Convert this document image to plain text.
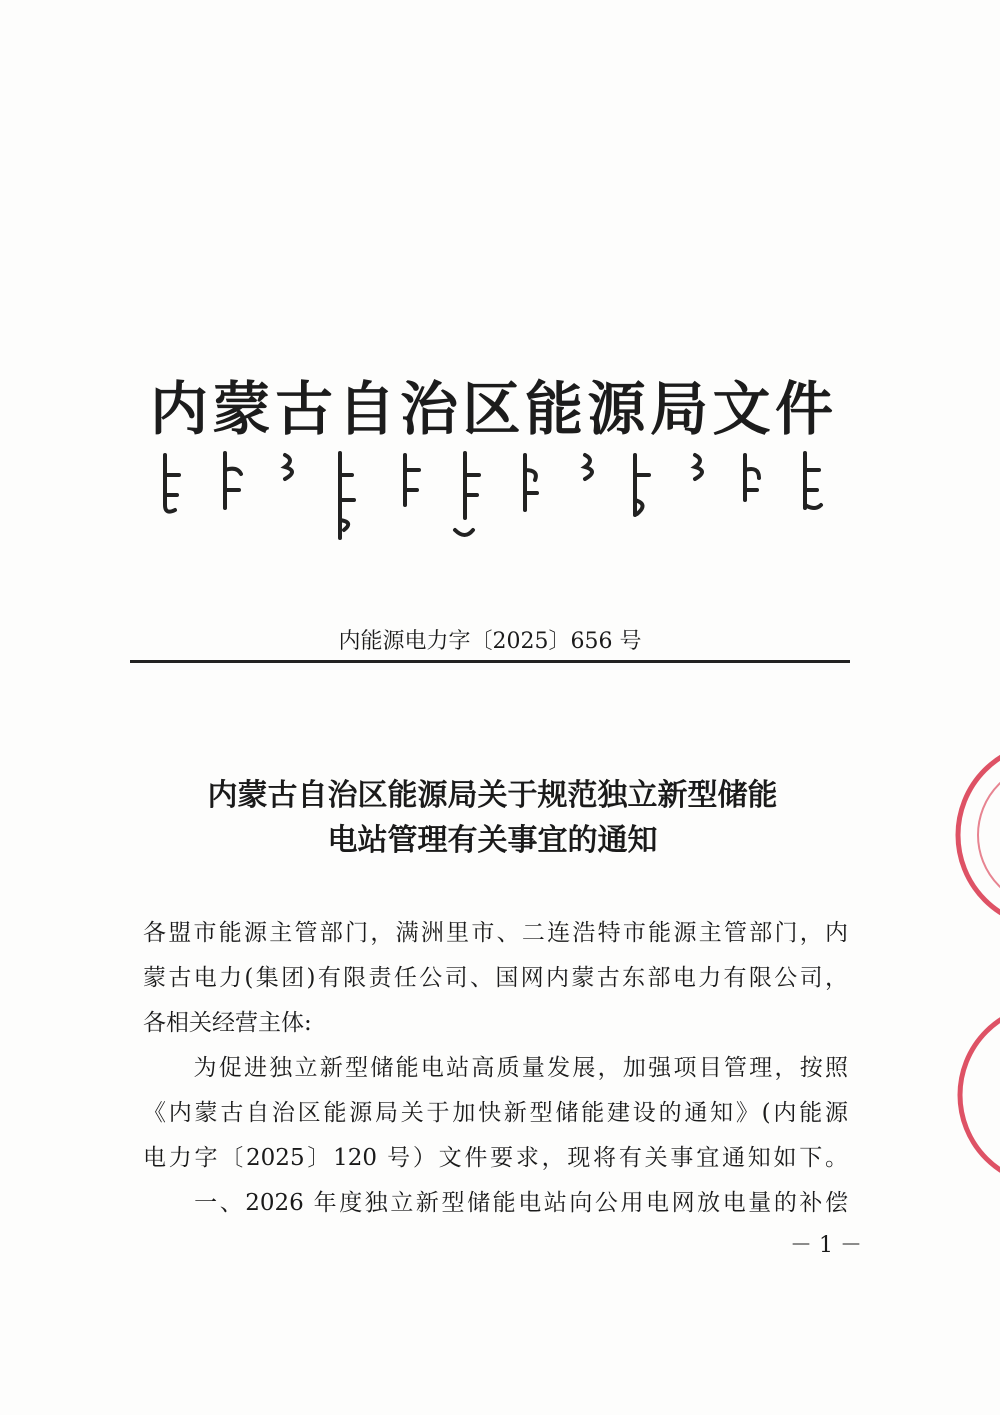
内蒙古自治区能源局文件
内能源电力字〔2025〕656 号
内蒙古自治区能源局关于规范独立新型储能
电站管理有关事宜的通知
各盟市能源主管部门，满洲里市、二连浩特市能源主管部门，内
蒙古电力(集团)有限责任公司、国网内蒙古东部电力有限公司，
各相关经营主体:
　　为促进独立新型储能电站高质量发展，加强项目管理，按照
《内蒙古自治区能源局关于加快新型储能建设的通知》(内能源
电力字〔2025〕120 号）文件要求，现将有关事宜通知如下。
　　一、2026 年度独立新型储能电站向公用电网放电量的补偿
－ 1 －
